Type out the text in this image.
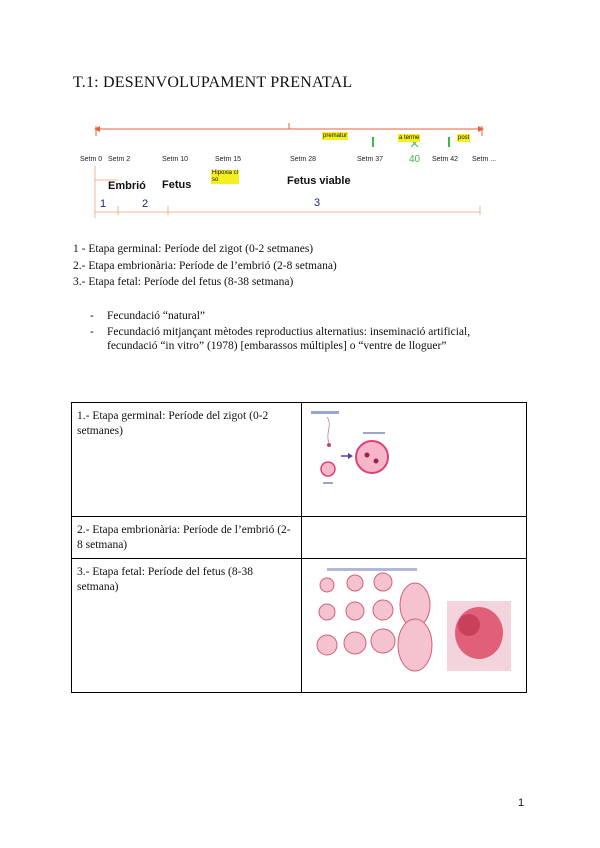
T.1: DESENVOLUPAMENT PRENATAL
prematur	a terme	post
40
Setm 0 Setm 2	Setm 10	Setm 15	Setm 28	Setm 37	Setm 42 Setm ...
Hipoxia cl so
Embrió Fetus	Fetus viable
1	2	3
1 - Etapa germinal: Període del zigot (0-2 setmanes)
2.- Etapa embrionària: Període de l’embrió (2-8 setmana)
3.- Etapa fetal: Període del fetus (8-38 setmana)
-	Fecundació “natural”
-	Fecundació mitjançant mètodes reproductius alternatius: inseminació artificial, fecundació “in vitro” (1978) [embarassos múltiples] o “ventre de lloguer”
1.- Etapa germinal: Període del zigot (0-2 setmanes)	
2.- Etapa embrionària: Període de l’embrió (2-8 setmana)	
3.- Etapa fetal: Període del fetus (8-38 setmana)	
1
